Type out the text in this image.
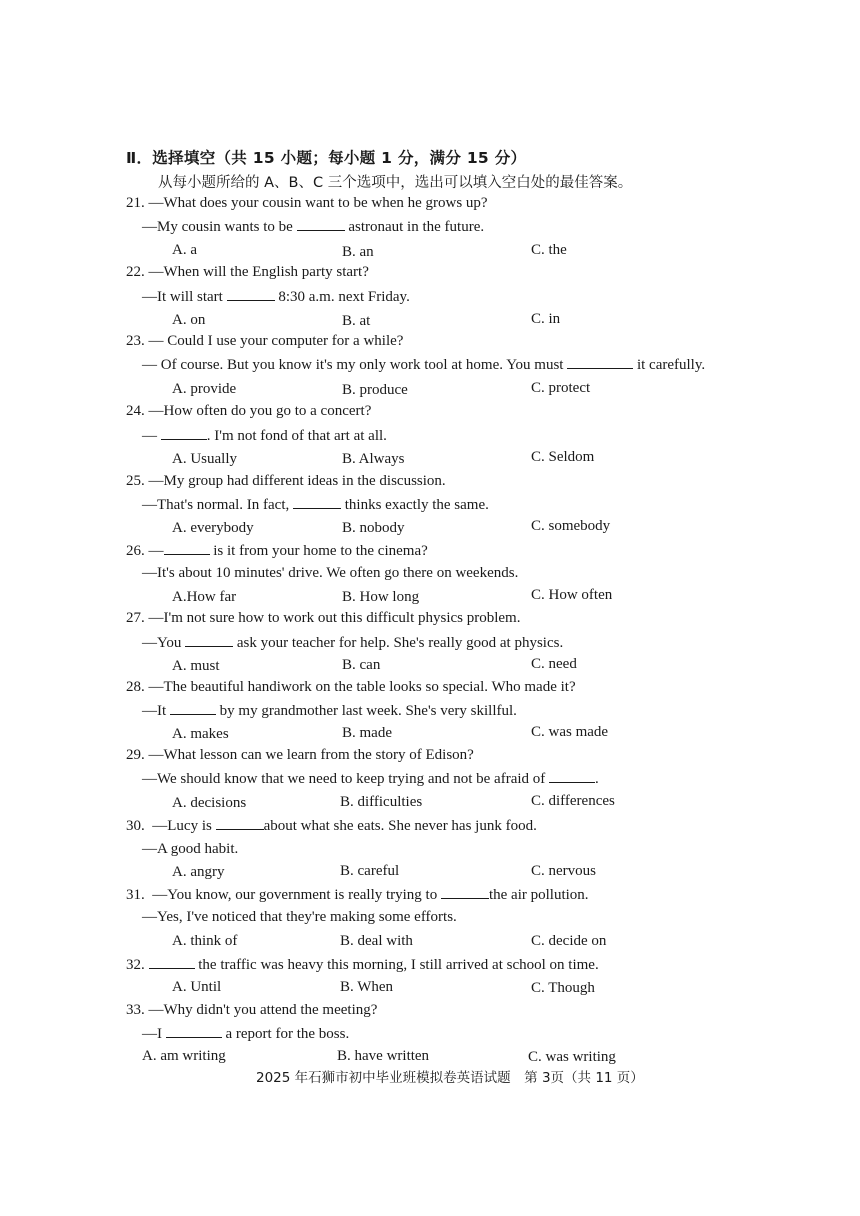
Ⅱ．选择填空（共 15 小题；每小题 1 分，满分 15 分）
从每小题所给的 A、B、C 三个选项中，选出可以填入空白处的最佳答案。
21. —What does your cousin want to be when he grows up?
—My cousin wants to be	astronaut in the future.
A. a	B. an	C. the
22. —When will the English party start?
—It will start	8:30 a.m. next Friday.
A. on	B. at	C. in
23. — Could I use your computer for a while?
— Of course. But you know it's my only work tool at home. You must	it carefully.
A. provide	B. produce	C. protect
24. —How often do you go to a concert?
—	. I'm not fond of that art at all.
A. Usually	B. Always	C. Seldom
25. —My group had different ideas in the discussion.
—That's normal. In fact,	thinks exactly the same.
A. everybody	B. nobody	C. somebody
26. —	is it from your home to the cinema?
—It's about 10 minutes' drive. We often go there on weekends.
A.How far	B. How long	C. How often
27. —I'm not sure how to work out this difficult physics problem.
—You	ask your teacher for help. She's really good at physics.
A. must	B. can	C. need
28. —The beautiful handiwork on the table looks so special. Who made it?
—It	by my grandmother last week. She's very skillful.
A. makes	B. made	C. was made
29. —What lesson can we learn from the story of Edison?
—We should know that we need to keep trying and not be afraid of	.
A. decisions	B. difficulties	C. differences
30. —Lucy is	about what she eats. She never has junk food.
—A good habit.
A. angry	B. careful	C. nervous
31. —You know, our government is really trying to	the air pollution.
—Yes, I've noticed that they're making some efforts.
A. think of	B. deal with	C. decide on
32.	the traffic was heavy this morning, I still arrived at school on time.
A. Until	B. When	C. Though
33. —Why didn't you attend the meeting?
—I	a report for the boss.
A. am writing	B. have written	C. was writing
2025 年石狮市初中毕业班模拟卷英语试题　第 3页（共 11 页）
